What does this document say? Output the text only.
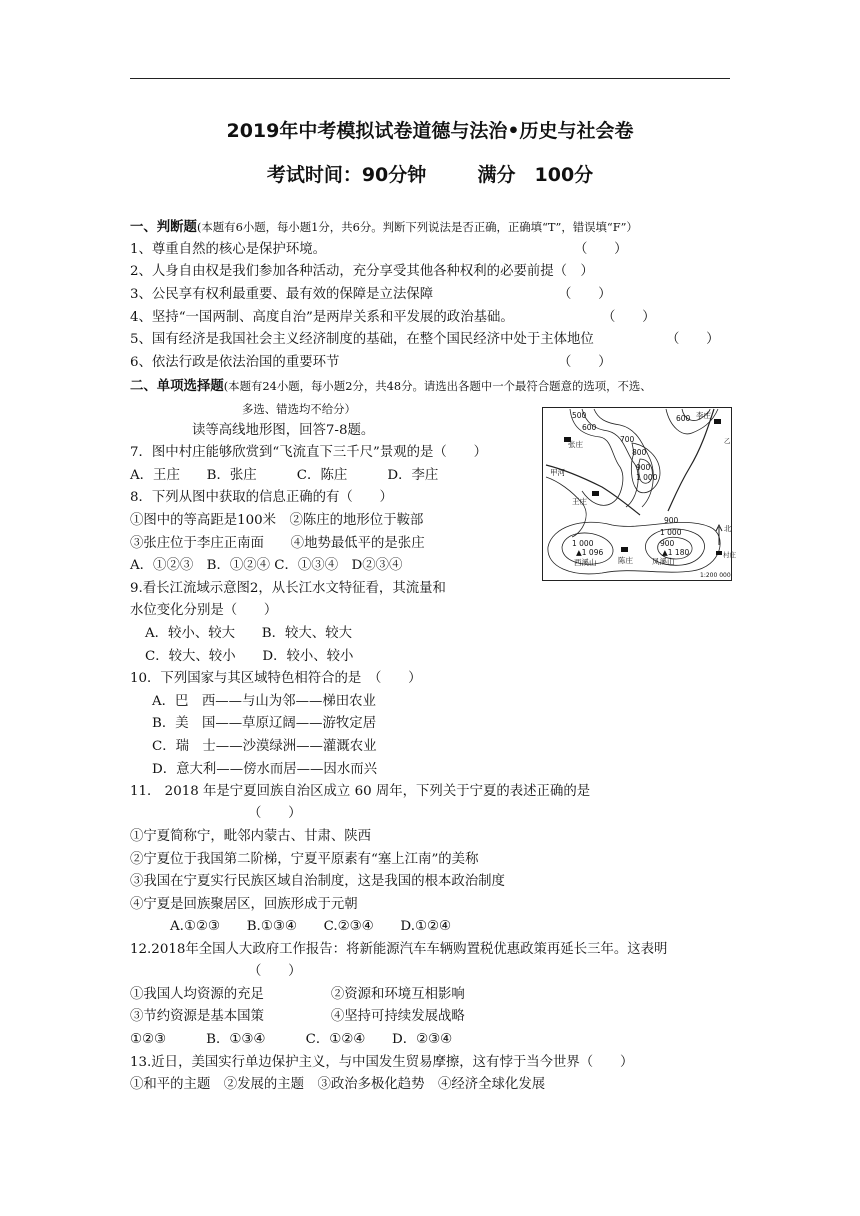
2019年中考模拟试卷道德与法治•历史与社会卷
考试时间：90分钟	满分　100分
一、判断题(本题有6小题，每小题1分，共6分。判断下列说法是否正确，正确填“T”，错误填“F”）
1、尊重自然的核心是保护环境。	（　　）
2、人身自由权是我们参加各种活动，充分享受其他各种权利的必要前提（　）
3、公民享有权利最重要、最有效的保障是立法保障	（　　）
4、坚持“一国两制、高度自治”是两岸关系和平发展的政治基础。	（　　）
5、国有经济是我国社会主义经济制度的基础，在整个国民经济中处于主体地位	（　　）
6、依法行政是依法治国的重要环节	（　　）
二、单项选择题(本题有24小题，每小题2分，共48分。请选出各题中一个最符合题意的选项，不选、
多选、错选均不给分）
读等高线地形图，回答7-8题。
7．图中村庄能够欣赏到“飞流直下三千尺”景观的是（　　）
A．王庄　　B．张庄　　　C．陈庄　　　D．李庄
8．下列从图中获取的信息正确的有（　　）
①图中的等高距是100米　②陈庄的地形位于鞍部
③张庄位于李庄正南面　　④地势最低平的是张庄
A．①②③　B．①②④ C．①③④　D②③④
9.看长江流域示意图2，从长江水文特征看，其流量和
水位变化分别是（　　）
A．较小、较大　　B．较大、较大
C．较大、较小　　D．较小、较小
10．下列国家与其区域特色相符合的是　（　　）
A．巴　西——与山为邻——梯田农业
B．美　国——草原辽阔——游牧定居
C．瑞　士——沙漠绿洲——灌溉农业
D．意大利——傍水而居——因水而兴
11． 2018 年是宁夏回族自治区成立 60 周年，下列关于宁夏的表述正确的是
（　　）
①宁夏简称宁，毗邻内蒙古、甘肃、陕西
②宁夏位于我国第二阶梯，宁夏平原素有“塞上江南”的美称
③我国在宁夏实行民族区域自治制度，这是我国的根本政治制度
④宁夏是回族聚居区，回族形成于元朝
A.①②③　　B.①③④　　C.②③④　　D.①②④
12.2018年全国人大政府工作报告：将新能源汽车车辆购置税优惠政策再延长三年。这表明
（　　）
①我国人均资源的充足　　　　　②资源和环境互相影响
③节约资源是基本国策　　　　　④坚持可持续发展战略
①②③　　　B．①③④　　　C．①②④　　D．②③④
13.近日，美国实行单边保护主义，与中国发生贸易摩擦，这有悖于当今世界（　　）
①和平的主题　②发展的主题　③政治多极化趋势　④经济全球化发展
500
600
700
800
900
1 000
600 李庄
张庄
甲河
王庄
900
1 000
900
1 000
▲1 096	▲1 180
西溪山	陈庄	凤溪山
北
村庄
1:200 000
乙
